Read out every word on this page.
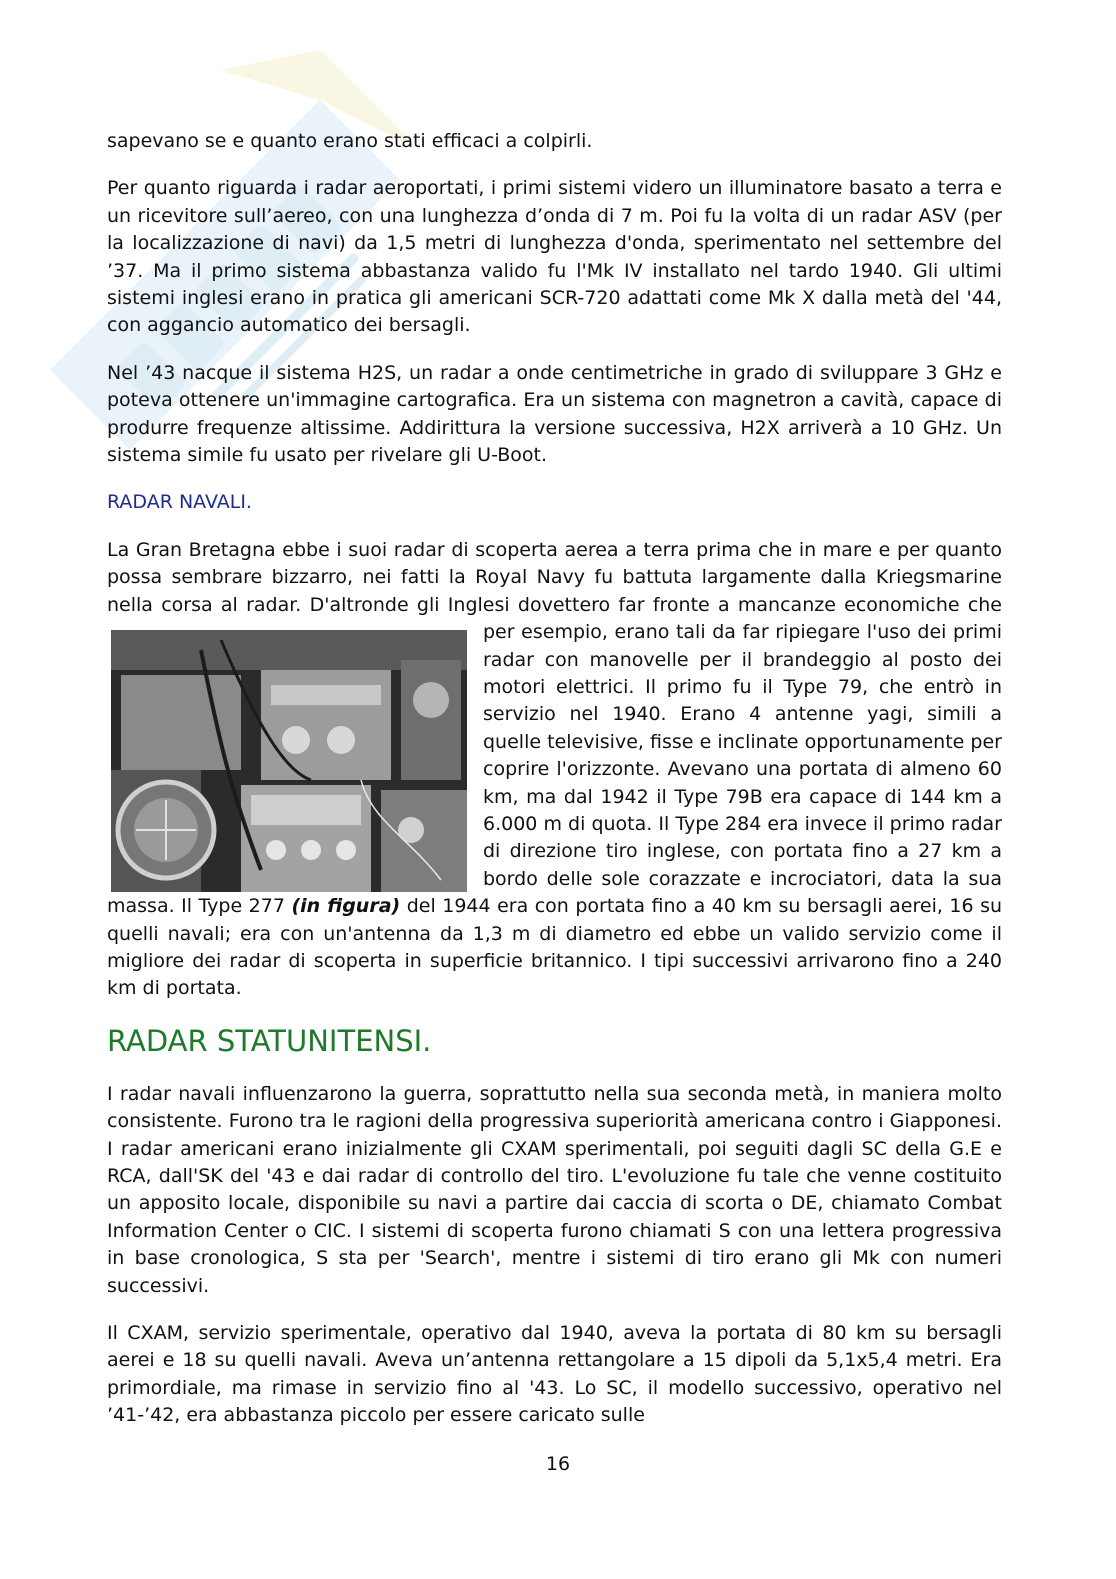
sapevano se e quanto erano stati efficaci a colpirli.

Per quanto riguarda i radar aeroportati, i primi sistemi videro un illuminatore basato a terra e un ricevitore sull’aereo, con una lunghezza d’onda di 7 m. Poi fu la volta di un radar ASV (per la localizzazione di navi) da 1,5 metri di lunghezza d'onda, sperimentato nel settembre del ’37. Ma il primo sistema abbastanza valido fu l'Mk IV installato nel tardo 1940. Gli ultimi sistemi inglesi erano in pratica gli americani SCR-720 adattati come Mk X dalla metà del '44, con aggancio automatico dei bersagli.

Nel ’43 nacque il sistema H2S, un radar a onde centimetriche in grado di sviluppare 3 GHz e poteva ottenere un'immagine cartografica. Era un sistema con magnetron a cavità, capace di produrre frequenze altissime. Addirittura la versione successiva, H2X arriverà a 10 GHz. Un sistema simile fu usato per rivelare gli U-Boot.

RADAR NAVALI.

La Gran Bretagna ebbe i suoi radar di scoperta aerea a terra prima che in mare e per quanto possa sembrare bizzarro, nei fatti la Royal Navy fu battuta largamente dalla Kriegsmarine nella corsa al radar. D'altronde gli Inglesi dovettero far fronte a
mancanze economiche che per esempio, erano tali da far ripiegare l'uso dei primi radar con manovelle per il brandeggio al posto dei motori elettrici. Il primo fu il Type 79, che entrò in servizio nel 1940. Erano 4 antenne yagi, simili a quelle televisive, fisse e inclinate opportunamente per coprire l'orizzonte. Avevano una portata di almeno 60 km, ma dal 1942 il Type 79B era capace di 144 km a 6.000 m di quota. Il Type 284 era invece il primo radar di direzione tiro inglese, con portata fino a 27 km a bordo delle sole corazzate e incrociatori, data la sua massa. Il Type 277 (in figura) del 1944 era con portata fino a 40 km su bersagli aerei, 16 su quelli navali; era con un'antenna da 1,3 m di diametro ed ebbe un valido servizio come il migliore dei radar di scoperta in superficie britannico. I tipi successivi arrivarono fino a 240 km di portata.

RADAR STATUNITENSI.

I radar navali influenzarono la guerra, soprattutto nella sua seconda metà, in maniera molto consistente. Furono tra le ragioni della progressiva superiorità americana contro i Giapponesi. I radar americani erano inizialmente gli CXAM sperimentali, poi seguiti dagli SC della G.E e RCA, dall'SK del '43 e dai radar di controllo del tiro. L'evoluzione fu tale che venne costituito un apposito locale, disponibile su navi a partire dai caccia di scorta o DE, chiamato Combat Information Center o CIC. I sistemi di scoperta furono chiamati S con una lettera progressiva in base cronologica, S sta per 'Search', mentre i sistemi di tiro erano gli Mk con numeri successivi.

Il CXAM, servizio sperimentale, operativo dal 1940, aveva la portata di 80 km su bersagli aerei e 18 su quelli navali. Aveva un’antenna rettangolare a 15 dipoli da 5,1x5,4 metri. Era primordiale, ma rimase in servizio fino al '43. Lo SC, il modello successivo, operativo nel ’41-’42, era abbastanza piccolo per essere caricato sulle

16
